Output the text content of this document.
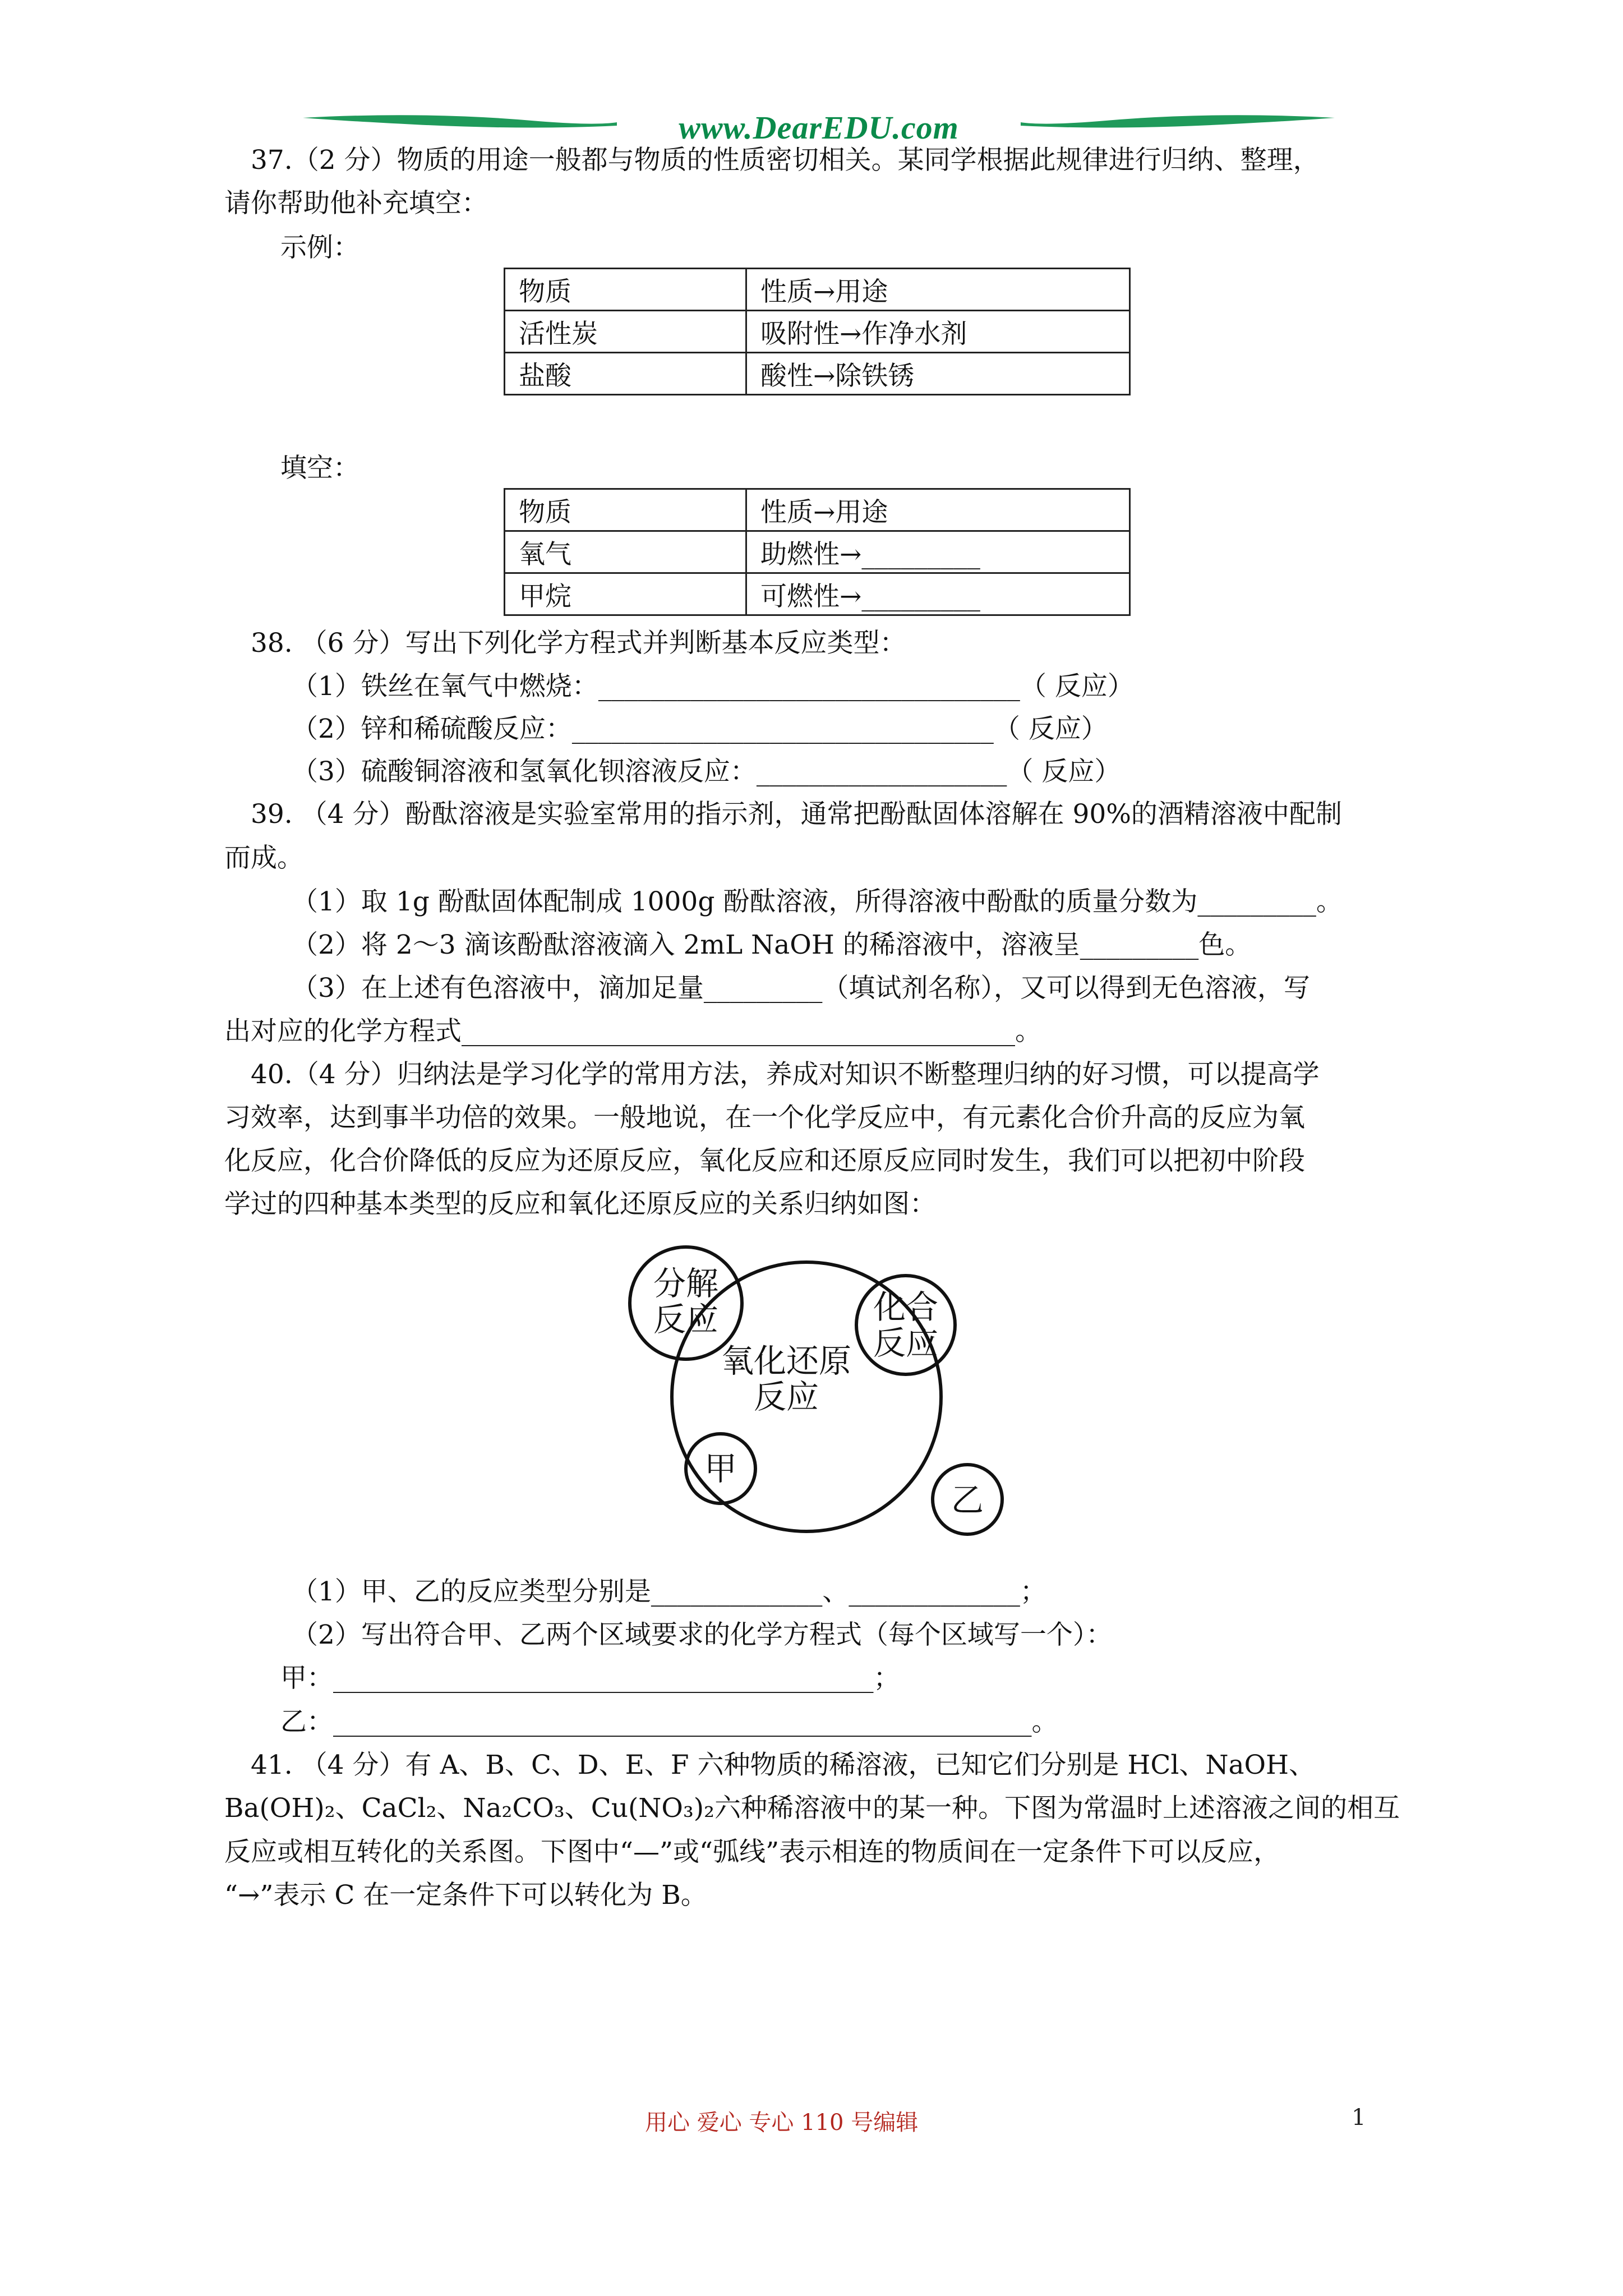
www.DearEDU.com
37.（2 分）物质的用途一般都与物质的性质密切相关。某同学根据此规律进行归纳、整理，
请你帮助他补充填空：
示例：
物质	性质→用途
活性炭	吸附性→作净水剂
盐酸	酸性→除铁锈
填空：
物质	性质→用途
氧气	助燃性→_________
甲烷	可燃性→_________
38. （6 分）写出下列化学方程式并判断基本反应类型：
（1）铁丝在氧气中燃烧：________________________________（ 反应）
（2）锌和稀硫酸反应：________________________________（ 反应）
（3）硫酸铜溶液和氢氧化钡溶液反应：___________________（ 反应）
39. （4 分）酚酞溶液是实验室常用的指示剂，通常把酚酞固体溶解在 90%的酒精溶液中配制
而成。
（1）取 1g 酚酞固体配制成 1000g 酚酞溶液，所得溶液中酚酞的质量分数为_________。
（2）将 2～3 滴该酚酞溶液滴入 2mL NaOH 的稀溶液中，溶液呈_________色。
（3）在上述有色溶液中，滴加足量_________（填试剂名称），又可以得到无色溶液，写
出对应的化学方程式__________________________________________。
40.（4 分）归纳法是学习化学的常用方法，养成对知识不断整理归纳的好习惯，可以提高学
习效率，达到事半功倍的效果。一般地说，在一个化学反应中，有元素化合价升高的反应为氧
化反应，化合价降低的反应为还原反应，氧化反应和还原反应同时发生，我们可以把初中阶段
学过的四种基本类型的反应和氧化还原反应的关系归纳如图：
分解
反应	化合
反应
氧化还原
反应
甲
乙
（1）甲、乙的反应类型分别是_____________、_____________；
（2）写出符合甲、乙两个区域要求的化学方程式（每个区域写一个）：
甲：_________________________________________；
乙：_____________________________________________________。
41. （4 分）有 A、B、C、D、E、F 六种物质的稀溶液，已知它们分别是 HCl、NaOH、
Ba(OH)₂、CaCl₂、Na₂CO₃、Cu(NO₃)₂六种稀溶液中的某一种。下图为常温时上述溶液之间的相互
反应或相互转化的关系图。下图中“—”或“弧线”表示相连的物质间在一定条件下可以反应，
“→”表示 C 在一定条件下可以转化为 B。
用心 爱心 专心 110 号编辑	1
